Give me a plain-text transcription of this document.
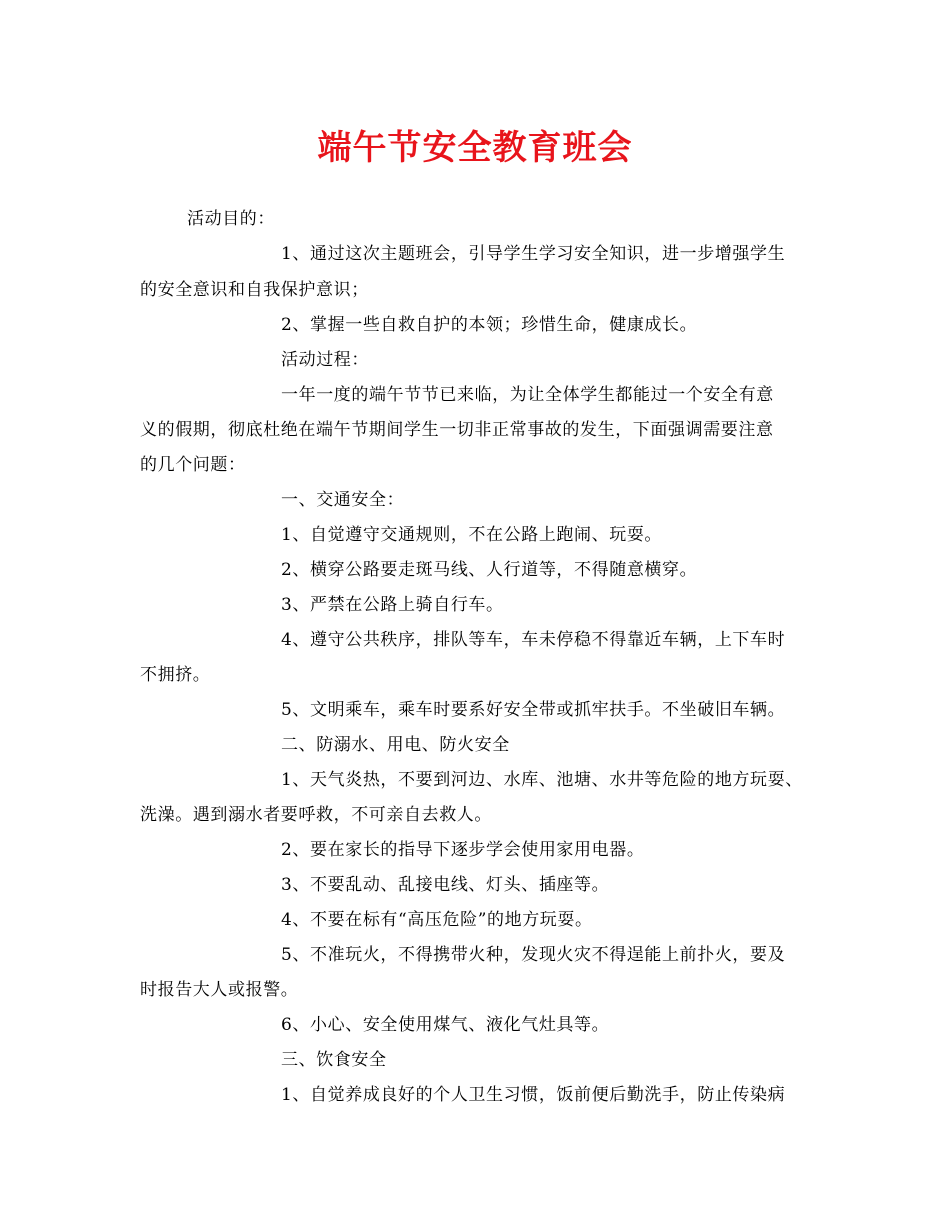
端午节安全教育班会
活动目的：
1、通过这次主题班会，引导学生学习安全知识，进一步增强学生
的安全意识和自我保护意识；
2、掌握一些自救自护的本领；珍惜生命，健康成长。
活动过程：
一年一度的端午节节已来临，为让全体学生都能过一个安全有意
义的假期，彻底杜绝在端午节期间学生一切非正常事故的发生，下面强调需要注意
的几个问题：
一、交通安全：
1、自觉遵守交通规则，不在公路上跑闹、玩耍。
2、横穿公路要走斑马线、人行道等，不得随意横穿。
3、严禁在公路上骑自行车。
4、遵守公共秩序，排队等车，车未停稳不得靠近车辆，上下车时
不拥挤。
5、文明乘车，乘车时要系好安全带或抓牢扶手。不坐破旧车辆。
二、防溺水、用电、防火安全
1、天气炎热，不要到河边、水库、池塘、水井等危险的地方玩耍、
洗澡。遇到溺水者要呼救，不可亲自去救人。
2、要在家长的指导下逐步学会使用家用电器。
3、不要乱动、乱接电线、灯头、插座等。
4、不要在标有“高压危险”的地方玩耍。
5、不准玩火，不得携带火种，发现火灾不得逞能上前扑火，要及
时报告大人或报警。
6、小心、安全使用煤气、液化气灶具等。
三、饮食安全
1、自觉养成良好的个人卫生习惯，饭前便后勤洗手，防止传染病
